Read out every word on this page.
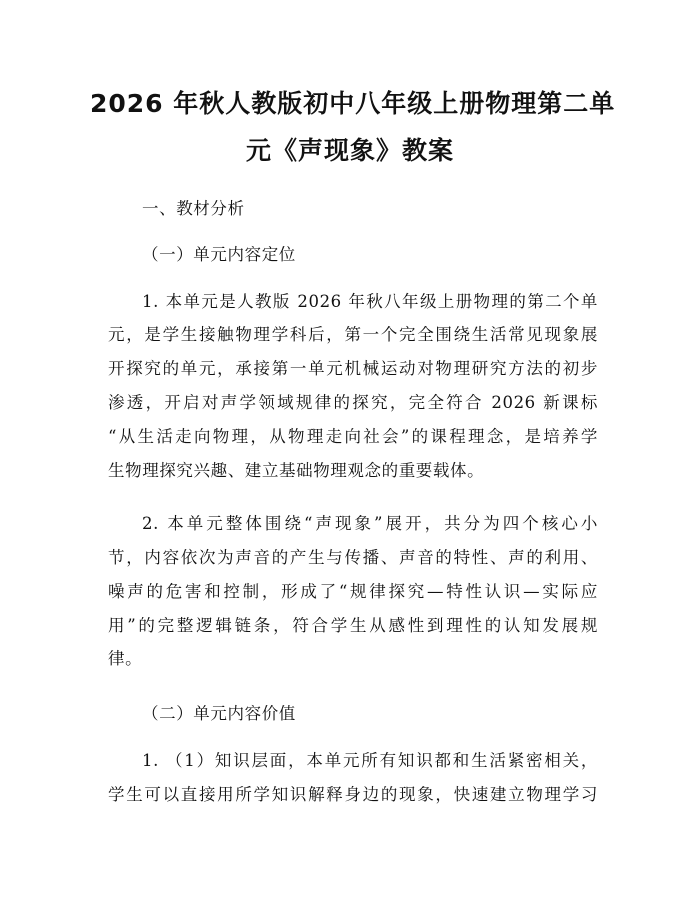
2026 年秋人教版初中八年级上册物理第二单
元《声现象》教案
一、教材分析
（一）单元内容定位
1. 本单元是人教版 2026 年秋八年级上册物理的第二个单
元，是学生接触物理学科后，第一个完全围绕生活常见现象展
开探究的单元，承接第一单元机械运动对物理研究方法的初步
渗透，开启对声学领域规律的探究，完全符合 2026 新课标
“从生活走向物理，从物理走向社会”的课程理念，是培养学
生物理探究兴趣、建立基础物理观念的重要载体。
2. 本单元整体围绕“声现象”展开，共分为四个核心小
节，内容依次为声音的产生与传播、声音的特性、声的利用、
噪声的危害和控制，形成了“规律探究—特性认识—实际应
用”的完整逻辑链条，符合学生从感性到理性的认知发展规
律。
（二）单元内容价值
1. （1）知识层面，本单元所有知识都和生活紧密相关，
学生可以直接用所学知识解释身边的现象，快速建立物理学习
